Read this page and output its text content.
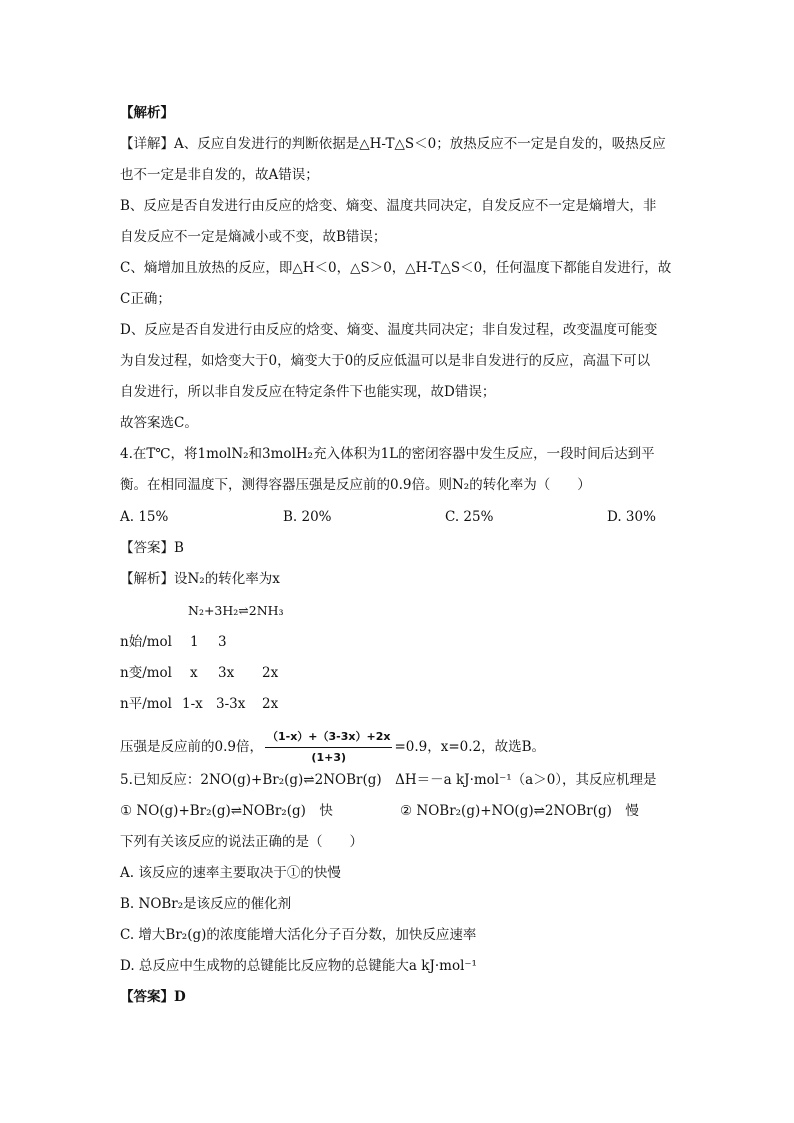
【解析】
【详解】A、反应自发进行的判断依据是△H-T△S＜0；放热反应不一定是自发的，吸热反应
也不一定是非自发的，故A错误；
B、反应是否自发进行由反应的焓变、熵变、温度共同决定，自发反应不一定是熵增大，非
自发反应不一定是熵减小或不变，故B错误；
C、熵增加且放热的反应，即△H＜0，△S＞0，△H-T△S＜0，任何温度下都能自发进行，故
C正确；
D、反应是否自发进行由反应的焓变、熵变、温度共同决定；非自发过程，改变温度可能变
为自发过程，如焓变大于0，熵变大于0的反应低温可以是非自发进行的反应，高温下可以
自发进行，所以非自发反应在特定条件下也能实现，故D错误；
故答案选C。
4.在T℃，将1molN₂和3molH₂充入体积为1L的密闭容器中发生反应，一段时间后达到平
衡。在相同温度下，测得容器压强是反应前的0.9倍。则N₂的转化率为（　　）
A. 15%	B. 20%	C. 25%	D. 30%
【答案】B
【解析】设N₂的转化率为x
N₂+3H₂⇌2NH₃
n始/mol 1 3
n变/mol x 3x 2x
n平/mol 1-x 3-3x 2x
压强是反应前的0.9倍， $\frac{(1-x)+(3-3x)+2x}{(1+3)} =0.9$，x=0.2，故选B。
5.已知反应：2NO(g)+Br₂(g)⇌2NOBr(g)　ΔH＝－a kJ·mol⁻¹（a＞0），其反应机理是
① NO(g)+Br₂(g)⇌NOBr₂(g)　快	② NOBr₂(g)+NO(g)⇌2NOBr(g)　慢
下列有关该反应的说法正确的是（　　）
A. 该反应的速率主要取决于①的快慢
B. NOBr₂是该反应的催化剂
C. 增大Br₂(g)的浓度能增大活化分子百分数，加快反应速率
D. 总反应中生成物的总键能比反应物的总键能大a kJ·mol⁻¹
【答案】D
